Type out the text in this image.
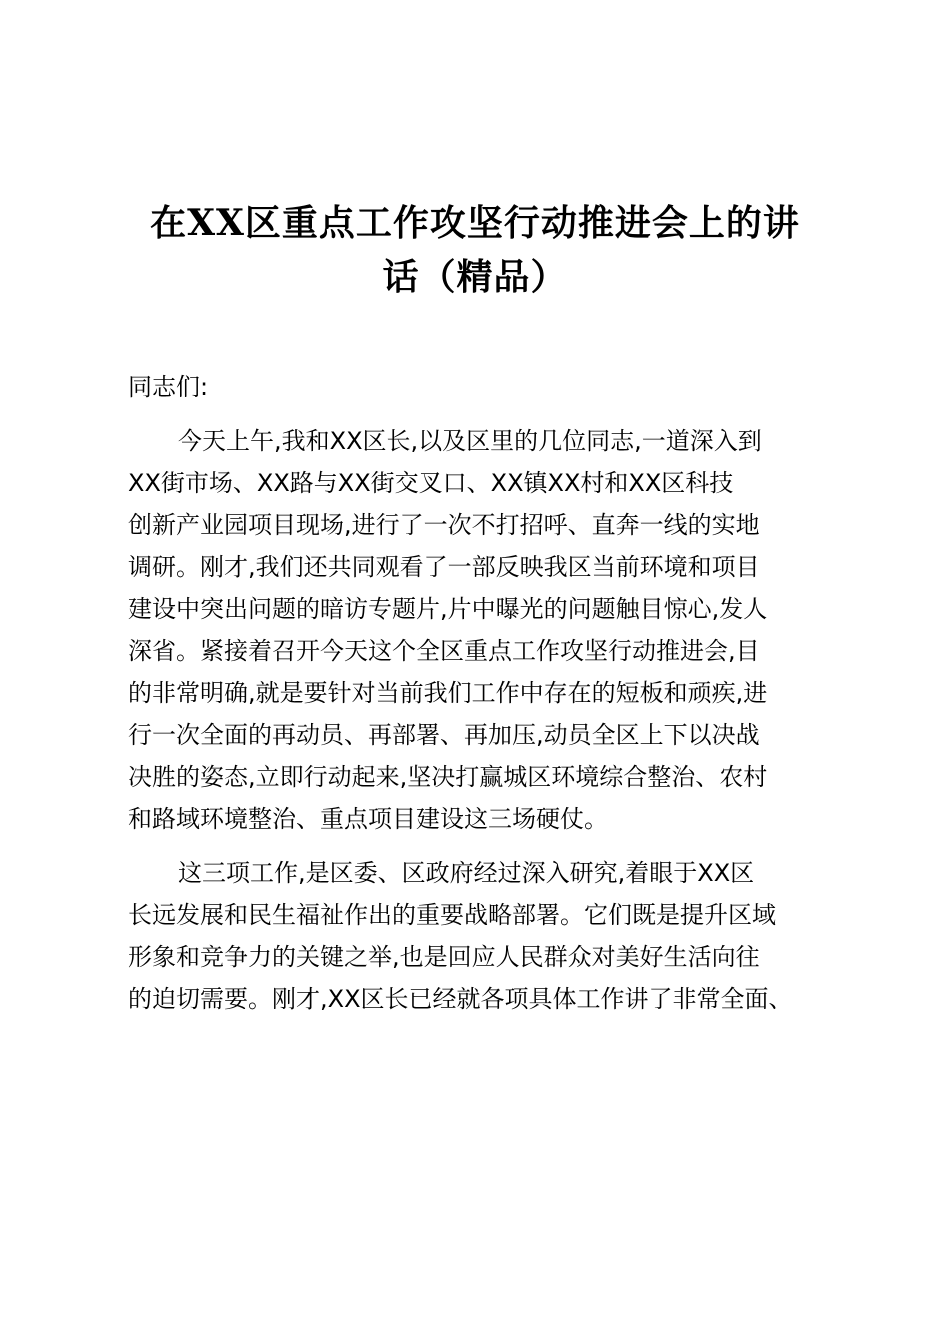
在XX区重点工作攻坚行动推进会上的讲
话（精品）
同志们:
今天上午,我和XX区长,以及区里的几位同志,一道深入到
XX街市场、XX路与XX街交叉口、XX镇XX村和XX区科技
创新产业园项目现场,进行了一次不打招呼、直奔一线的实地
调研。刚才,我们还共同观看了一部反映我区当前环境和项目
建设中突出问题的暗访专题片,片中曝光的问题触目惊心,发人
深省。紧接着召开今天这个全区重点工作攻坚行动推进会,目
的非常明确,就是要针对当前我们工作中存在的短板和顽疾,进
行一次全面的再动员、再部署、再加压,动员全区上下以决战
决胜的姿态,立即行动起来,坚决打赢城区环境综合整治、农村
和路域环境整治、重点项目建设这三场硬仗。
这三项工作,是区委、区政府经过深入研究,着眼于XX区
长远发展和民生福祉作出的重要战略部署。它们既是提升区域
形象和竞争力的关键之举,也是回应人民群众对美好生活向往
的迫切需要。刚才,XX区长已经就各项具体工作讲了非常全面、
